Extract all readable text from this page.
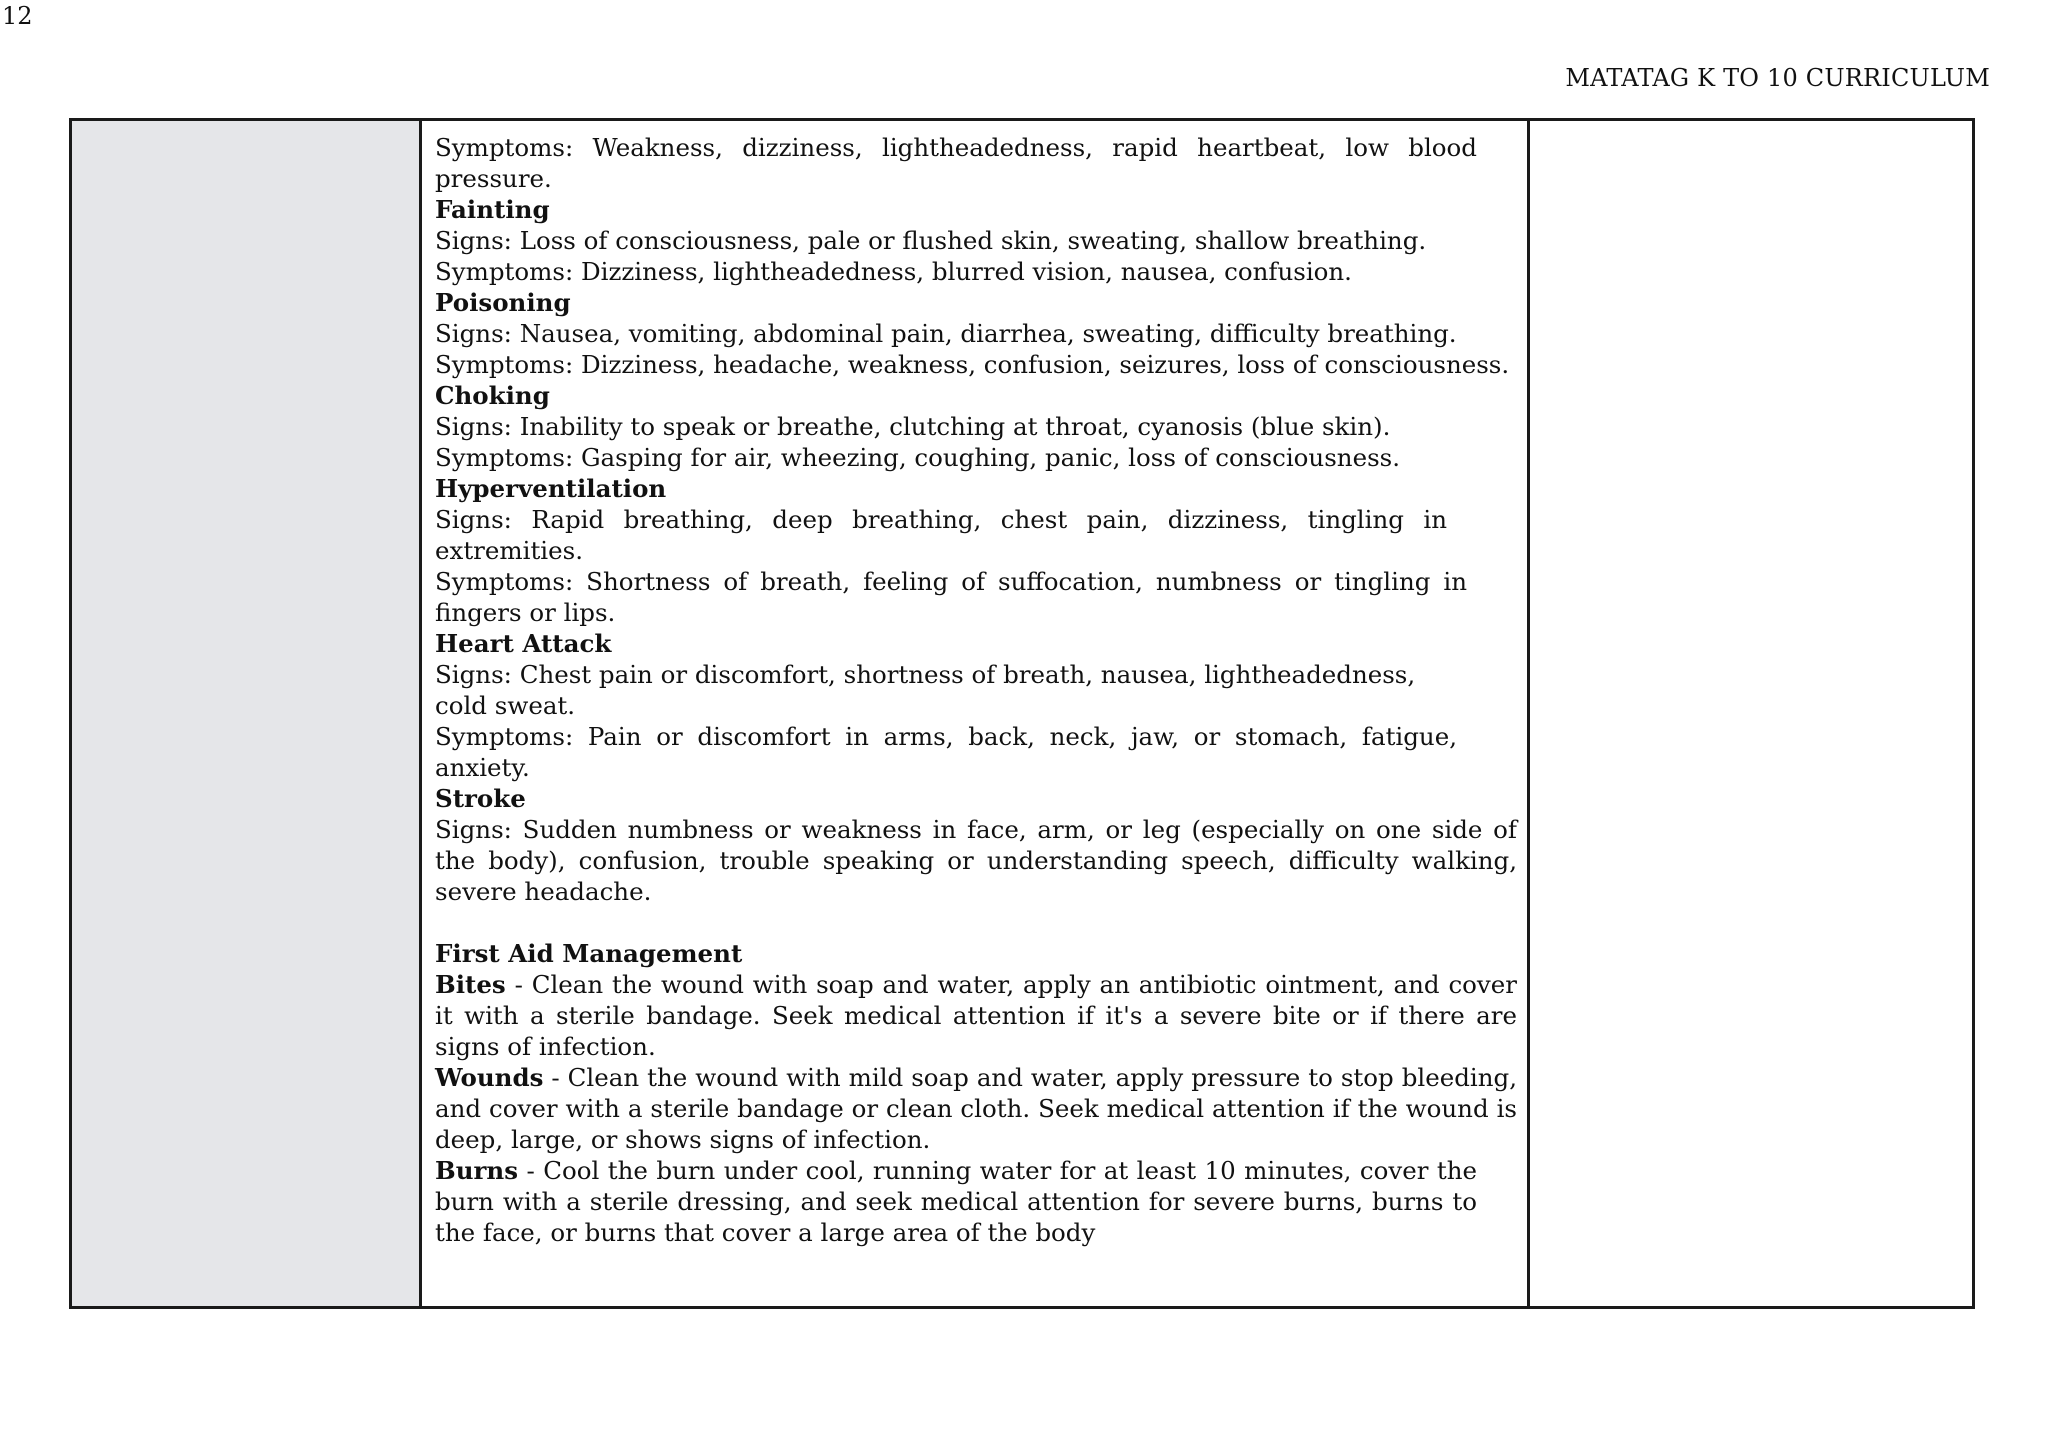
12
MATATAG K TO 10 CURRICULUM

Symptoms: Weakness, dizziness, lightheadedness, rapid heartbeat, low blood pressure.

Fainting

Signs: Loss of consciousness, pale or flushed skin, sweating, shallow breathing.

Symptoms: Dizziness, lightheadedness, blurred vision, nausea, confusion.

Poisoning

Signs: Nausea, vomiting, abdominal pain, diarrhea, sweating, difficulty breathing.

Symptoms: Dizziness, headache, weakness, confusion, seizures, loss of consciousness.

Choking

Signs: Inability to speak or breathe, clutching at throat, cyanosis (blue skin).

Symptoms: Gasping for air, wheezing, coughing, panic, loss of consciousness.

Hyperventilation

Signs: Rapid breathing, deep breathing, chest pain, dizziness, tingling in extremities.

Symptoms: Shortness of breath, feeling of suffocation, numbness or tingling in fingers or lips.

Heart Attack

Signs: Chest pain or discomfort, shortness of breath, nausea, lightheadedness, cold sweat.

Symptoms: Pain or discomfort in arms, back, neck, jaw, or stomach, fatigue, anxiety.

Stroke

Signs: Sudden numbness or weakness in face, arm, or leg (especially on one side of the body), confusion, trouble speaking or understanding speech, difficulty walking, severe headache.

First Aid Management

Bites - Clean the wound with soap and water, apply an antibiotic ointment, and cover it with a sterile bandage. Seek medical attention if it's a severe bite or if there are signs of infection.

Wounds - Clean the wound with mild soap and water, apply pressure to stop bleeding, and cover with a sterile bandage or clean cloth. Seek medical attention if the wound is deep, large, or shows signs of infection.

Burns - Cool the burn under cool, running water for at least 10 minutes, cover the burn with a sterile dressing, and seek medical attention for severe burns, burns to the face, or burns that cover a large area of the body
